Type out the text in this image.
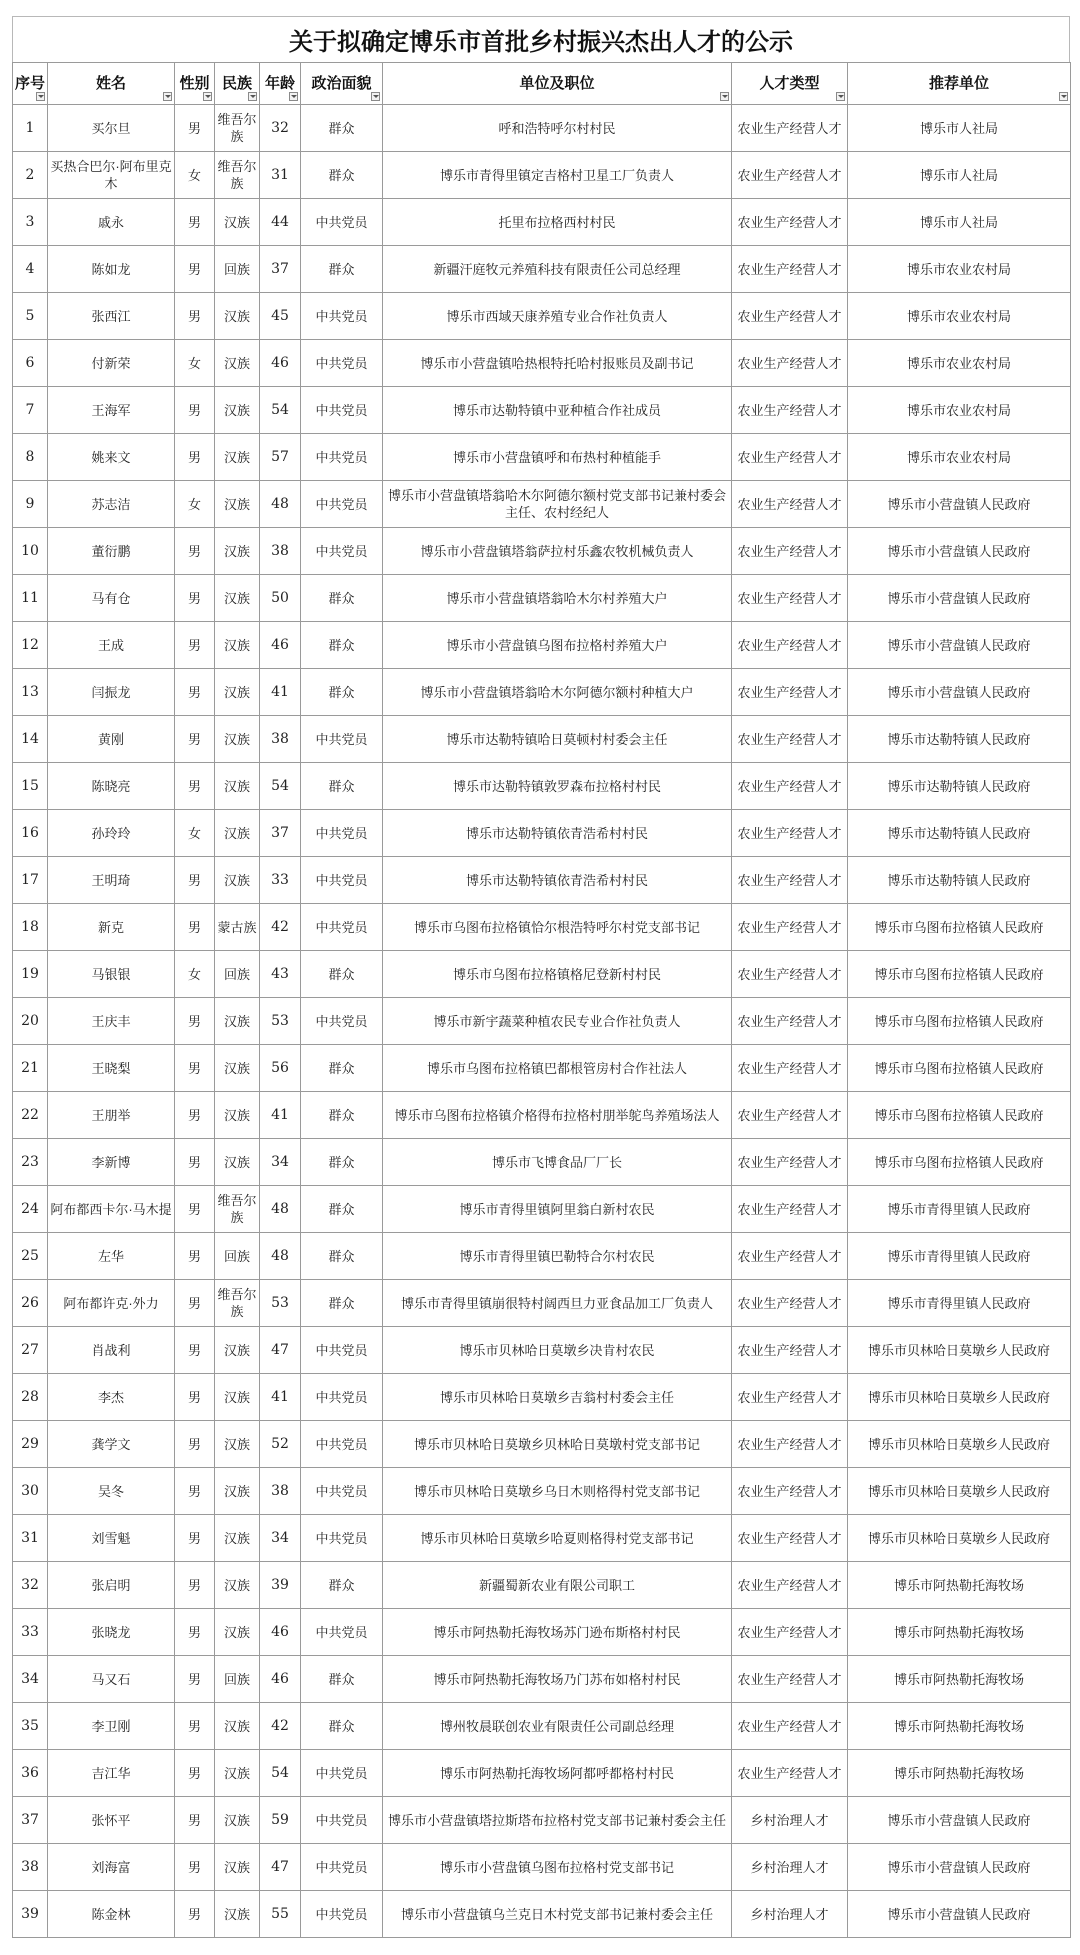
关于拟确定博乐市首批乡村振兴杰出人才的公示
序号	姓名	性别	民族	年龄	政治面貌	单位及职位	人才类型	推荐单位

1	买尔旦	男	维吾尔族	32	群众	呼和浩特呼尔村村民	农业生产经营人才	博乐市人社局
2	买热合巴尔·阿布里克木	女	维吾尔族	31	群众	博乐市青得里镇定吉格村卫星工厂负责人	农业生产经营人才	博乐市人社局
3	戚永	男	汉族	44	中共党员	托里布拉格西村村民	农业生产经营人才	博乐市人社局
4	陈如龙	男	回族	37	群众	新疆汗庭牧元养殖科技有限责任公司总经理	农业生产经营人才	博乐市农业农村局
5	张西江	男	汉族	45	中共党员	博乐市西域天康养殖专业合作社负责人	农业生产经营人才	博乐市农业农村局
6	付新荣	女	汉族	46	中共党员	博乐市小营盘镇哈热根特托哈村报账员及副书记	农业生产经营人才	博乐市农业农村局
7	王海军	男	汉族	54	中共党员	博乐市达勒特镇中亚种植合作社成员	农业生产经营人才	博乐市农业农村局
8	姚来文	男	汉族	57	中共党员	博乐市小营盘镇呼和布热村种植能手	农业生产经营人才	博乐市农业农村局
9	苏志洁	女	汉族	48	中共党员	博乐市小营盘镇塔翁哈木尔阿德尔额村党支部书记兼村委会主任、农村经纪人	农业生产经营人才	博乐市小营盘镇人民政府
10	董衍鹏	男	汉族	38	中共党员	博乐市小营盘镇塔翁萨拉村乐鑫农牧机械负责人	农业生产经营人才	博乐市小营盘镇人民政府
11	马有仓	男	汉族	50	群众	博乐市小营盘镇塔翁哈木尔村养殖大户	农业生产经营人才	博乐市小营盘镇人民政府
12	王成	男	汉族	46	群众	博乐市小营盘镇乌图布拉格村养殖大户	农业生产经营人才	博乐市小营盘镇人民政府
13	闫振龙	男	汉族	41	群众	博乐市小营盘镇塔翁哈木尔阿德尔额村种植大户	农业生产经营人才	博乐市小营盘镇人民政府
14	黄刚	男	汉族	38	中共党员	博乐市达勒特镇哈日莫顿村村委会主任	农业生产经营人才	博乐市达勒特镇人民政府
15	陈晓亮	男	汉族	54	群众	博乐市达勒特镇敦罗森布拉格村村民	农业生产经营人才	博乐市达勒特镇人民政府
16	孙玲玲	女	汉族	37	中共党员	博乐市达勒特镇依青浩希村村民	农业生产经营人才	博乐市达勒特镇人民政府
17	王明琦	男	汉族	33	中共党员	博乐市达勒特镇依青浩希村村民	农业生产经营人才	博乐市达勒特镇人民政府
18	新克	男	蒙古族	42	中共党员	博乐市乌图布拉格镇恰尔根浩特呼尔村党支部书记	农业生产经营人才	博乐市乌图布拉格镇人民政府
19	马银银	女	回族	43	群众	博乐市乌图布拉格镇格尼登新村村民	农业生产经营人才	博乐市乌图布拉格镇人民政府
20	王庆丰	男	汉族	53	中共党员	博乐市新宇蔬菜种植农民专业合作社负责人	农业生产经营人才	博乐市乌图布拉格镇人民政府
21	王晓梨	男	汉族	56	群众	博乐市乌图布拉格镇巴都根管房村合作社法人	农业生产经营人才	博乐市乌图布拉格镇人民政府
22	王朋举	男	汉族	41	群众	博乐市乌图布拉格镇介格得布拉格村朋举鸵鸟养殖场法人	农业生产经营人才	博乐市乌图布拉格镇人民政府
23	李新博	男	汉族	34	群众	博乐市飞博食品厂厂长	农业生产经营人才	博乐市乌图布拉格镇人民政府
24	阿布都西卡尔·马木提	男	维吾尔族	48	群众	博乐市青得里镇阿里翁白新村农民	农业生产经营人才	博乐市青得里镇人民政府
25	左华	男	回族	48	群众	博乐市青得里镇巴勒特合尔村农民	农业生产经营人才	博乐市青得里镇人民政府
26	阿布都许克·外力	男	维吾尔族	53	群众	博乐市青得里镇崩很特村阔西旦力亚食品加工厂负责人	农业生产经营人才	博乐市青得里镇人民政府
27	肖战利	男	汉族	47	中共党员	博乐市贝林哈日莫墩乡决肯村农民	农业生产经营人才	博乐市贝林哈日莫墩乡人民政府
28	李杰	男	汉族	41	中共党员	博乐市贝林哈日莫墩乡吉翁村村委会主任	农业生产经营人才	博乐市贝林哈日莫墩乡人民政府
29	龚学文	男	汉族	52	中共党员	博乐市贝林哈日莫墩乡贝林哈日莫墩村党支部书记	农业生产经营人才	博乐市贝林哈日莫墩乡人民政府
30	吴冬	男	汉族	38	中共党员	博乐市贝林哈日莫墩乡乌日木则格得村党支部书记	农业生产经营人才	博乐市贝林哈日莫墩乡人民政府
31	刘雪魁	男	汉族	34	中共党员	博乐市贝林哈日莫墩乡哈夏则格得村党支部书记	农业生产经营人才	博乐市贝林哈日莫墩乡人民政府
32	张启明	男	汉族	39	群众	新疆蜀新农业有限公司职工	农业生产经营人才	博乐市阿热勒托海牧场
33	张晓龙	男	汉族	46	中共党员	博乐市阿热勒托海牧场苏门逊布斯格村村民	农业生产经营人才	博乐市阿热勒托海牧场
34	马又石	男	回族	46	群众	博乐市阿热勒托海牧场乃门苏布如格村村民	农业生产经营人才	博乐市阿热勒托海牧场
35	李卫刚	男	汉族	42	群众	博州牧晨联创农业有限责任公司副总经理	农业生产经营人才	博乐市阿热勒托海牧场
36	吉江华	男	汉族	54	中共党员	博乐市阿热勒托海牧场阿都呼都格村村民	农业生产经营人才	博乐市阿热勒托海牧场
37	张怀平	男	汉族	59	中共党员	博乐市小营盘镇塔拉斯塔布拉格村党支部书记兼村委会主任	乡村治理人才	博乐市小营盘镇人民政府
38	刘海富	男	汉族	47	中共党员	博乐市小营盘镇乌图布拉格村党支部书记	乡村治理人才	博乐市小营盘镇人民政府
39	陈金林	男	汉族	55	中共党员	博乐市小营盘镇乌兰克日木村党支部书记兼村委会主任	乡村治理人才	博乐市小营盘镇人民政府
